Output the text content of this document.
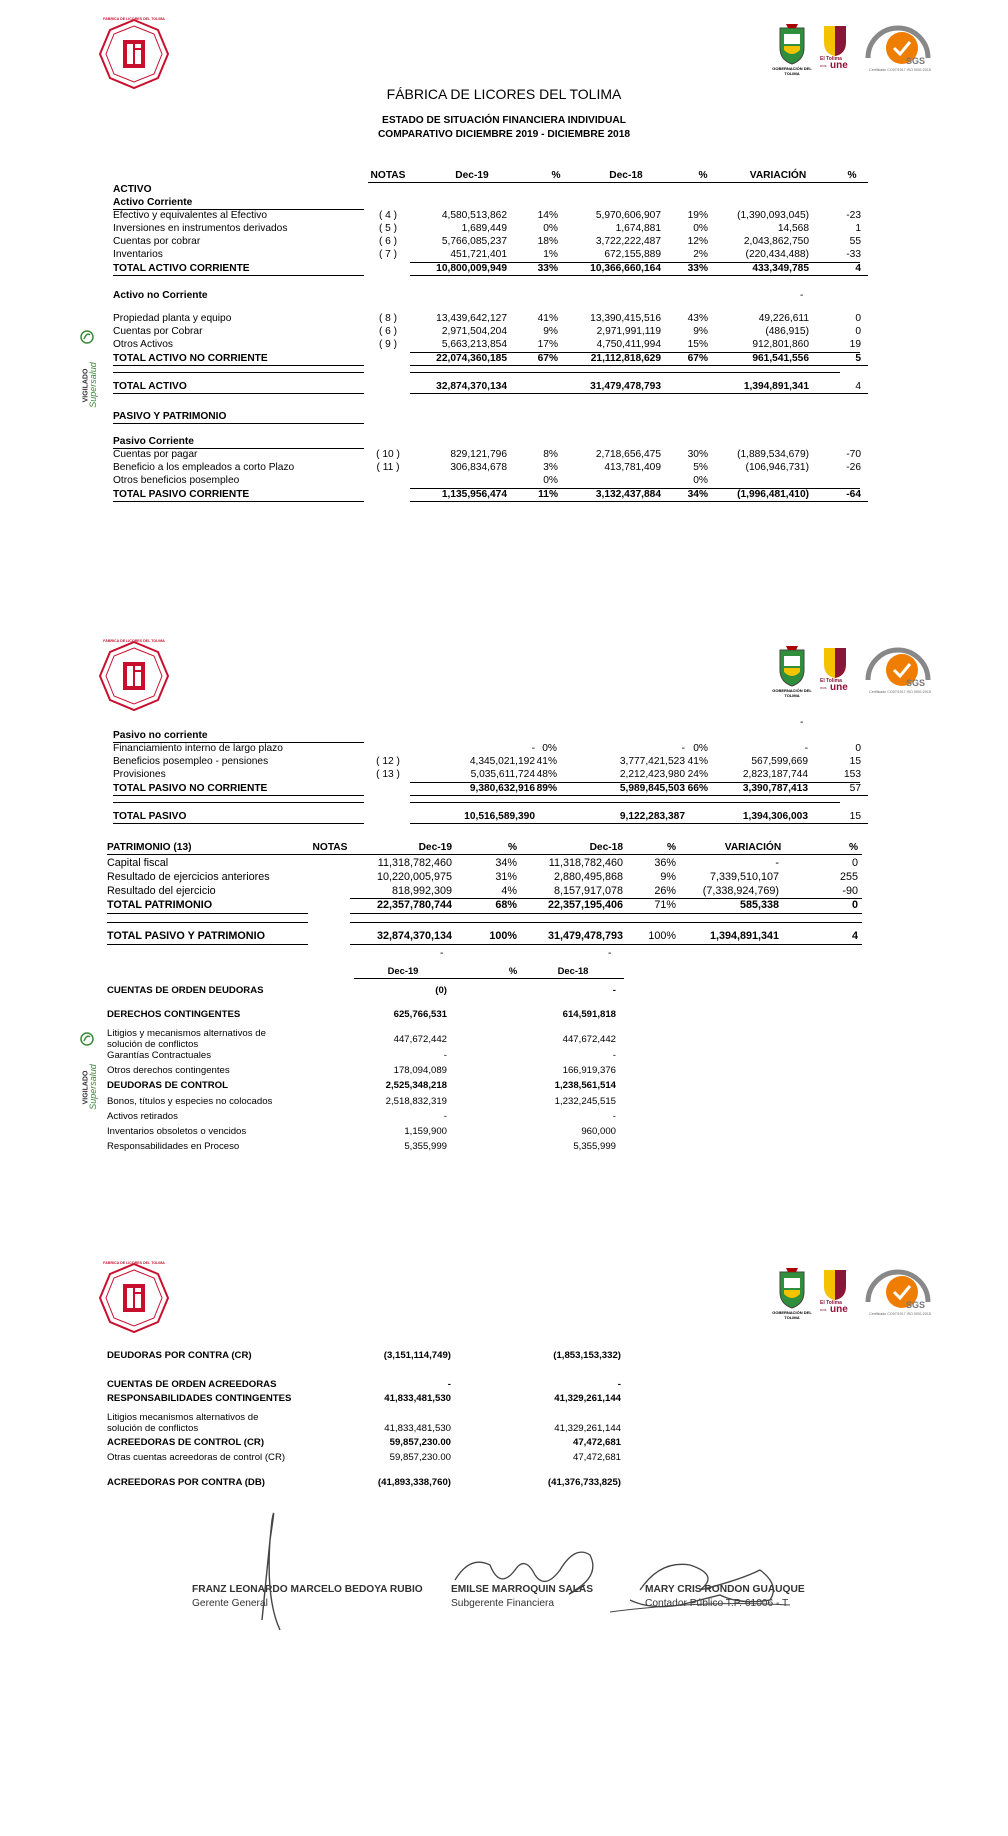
FÁBRICA DE LICORES DEL TOLIMA
GOBERNACIÓN DEL TOLIMA
El Tolima
nos une	SGS
Certificado CO07/1917 ISO 9001:2015
FÁBRICA DE LICORES DEL TOLIMA
GOBERNACIÓN DEL TOLIMA
El Tolima
nos une	SGS
Certificado CO07/1917 ISO 9001:2015
FÁBRICA DE LICORES DEL TOLIMA
GOBERNACIÓN DEL TOLIMA
El Tolima
nos une	SGS
Certificado CO07/1917 ISO 9001:2015
VIGILADO
Supersalud
VIGILADO
Supersalud
FÁBRICA DE LICORES DEL TOLIMA
ESTADO DE SITUACIÓN FINANCIERA INDIVIDUAL
COMPARATIVO DICIEMBRE 2019 - DICIEMBRE 2018
NOTAS	Dec-19	%	Dec-18	%	VARIACIÓN	%
ACTIVO
Activo Corriente
Efectivo y equivalentes al Efectivo	( 4 )	4,580,513,862	14%	5,970,606,907	19%	(1,390,093,045)	-23
Inversiones en instrumentos derivados	( 5 )	1,689,449	0%	1,674,881	0%	14,568	1
Cuentas por cobrar	( 6 )	5,766,085,237	18%	3,722,222,487	12%	2,043,862,750	55
Inventarios	( 7 )	451,721,401	1%	672,155,889	2%	(220,434,488)	-33
TOTAL ACTIVO CORRIENTE	10,800,009,949	33%	10,366,660,164	33%	433,349,785	4
Activo no Corriente	-
Propiedad planta y equipo	( 8 )	13,439,642,127	41%	13,390,415,516	43%	49,226,611	0
Cuentas por Cobrar	( 6 )	2,971,504,204	9%	2,971,991,119	9%	(486,915)	0
Otros Activos	( 9 )	5,663,213,854	17%	4,750,411,994	15%	912,801,860	19
TOTAL ACTIVO NO CORRIENTE	22,074,360,185	67%	21,112,818,629	67%	961,541,556	5
TOTAL ACTIVO	32,874,370,134	31,479,478,793	1,394,891,341	4
PASIVO Y PATRIMONIO
Pasivo Corriente
Cuentas por pagar	( 10 )	829,121,796	8%	2,718,656,475	30%	(1,889,534,679)	-70
Beneficio a los empleados a corto Plazo	( 11 )	306,834,678	3%	413,781,409	5%	(106,946,731)	-26
Otros beneficios posempleo	0%	0%
TOTAL PASIVO CORRIENTE	1,135,956,474	11%	3,132,437,884	34%	(1,996,481,410)	-64
-
Pasivo no corriente
Financiamiento interno de largo plazo	- 0%	- 0%	-	0
Beneficios posempleo - pensiones	( 12 )	4,345,021,192 41%	3,777,421,523 41%	567,599,669	15
Provisiones	( 13 )	5,035,611,724 48%	2,212,423,980 24%	2,823,187,744	153
TOTAL PASIVO NO CORRIENTE	9,380,632,916 89%	5,989,845,503 66%	3,390,787,413	57
TOTAL PASIVO	10,516,589,390	9,122,283,387	1,394,306,003	15
PATRIMONIO (13)	NOTAS	Dec-19	%	Dec-18	%	VARIACIÓN	%
Capital fiscal	11,318,782,460	34%	11,318,782,460	36%	-	0
Resultado de ejercicios anteriores	10,220,005,975	31%	2,880,495,868	9%	7,339,510,107	255
Resultado del ejercicio	818,992,309	4%	8,157,917,078	26%	(7,338,924,769)	-90
TOTAL PATRIMONIO	22,357,780,744	68%	22,357,195,406	71%	585,338	0
TOTAL PASIVO Y PATRIMONIO	32,874,370,134	100%	31,479,478,793	100%	1,394,891,341	4
-	-
Dec-19	%	Dec-18
CUENTAS DE ORDEN DEUDORAS	(0)	-
DERECHOS CONTINGENTES	625,766,531	614,591,818
Litigios y mecanismos alternativos de
solución de conflictos	447,672,442	447,672,442
Garantías Contractuales	-	-
Otros derechos contingentes	178,094,089	166,919,376
DEUDORAS DE CONTROL	2,525,348,218	1,238,561,514
Bonos, títulos y especies no colocados	2,518,832,319	1,232,245,515
Activos retirados	-	-
Inventarios obsoletos o vencidos	1,159,900	960,000
Responsabilidades en Proceso	5,355,999	5,355,999
DEUDORAS POR CONTRA (CR)	(3,151,114,749)	(1,853,153,332)
CUENTAS DE ORDEN ACREEDORAS	-	-
RESPONSABILIDADES CONTINGENTES	41,833,481,530	41,329,261,144
Litigios mecanismos alternativos de
solución de conflictos	41,833,481,530	41,329,261,144
ACREEDORAS DE CONTROL (CR)	59,857,230.00	47,472,681
Otras cuentas acreedoras de control (CR)	59,857,230.00	47,472,681
ACREEDORAS POR CONTRA (DB)	(41,893,338,760)	(41,376,733,825)
FRANZ LEONARDO MARCELO BEDOYA RUBIO
Gerente General
EMILSE MARROQUIN SALAS
Subgerente Financiera
MARY CRIS RONDON GUAUQUE
Contador Público T.P. 61006 - T
